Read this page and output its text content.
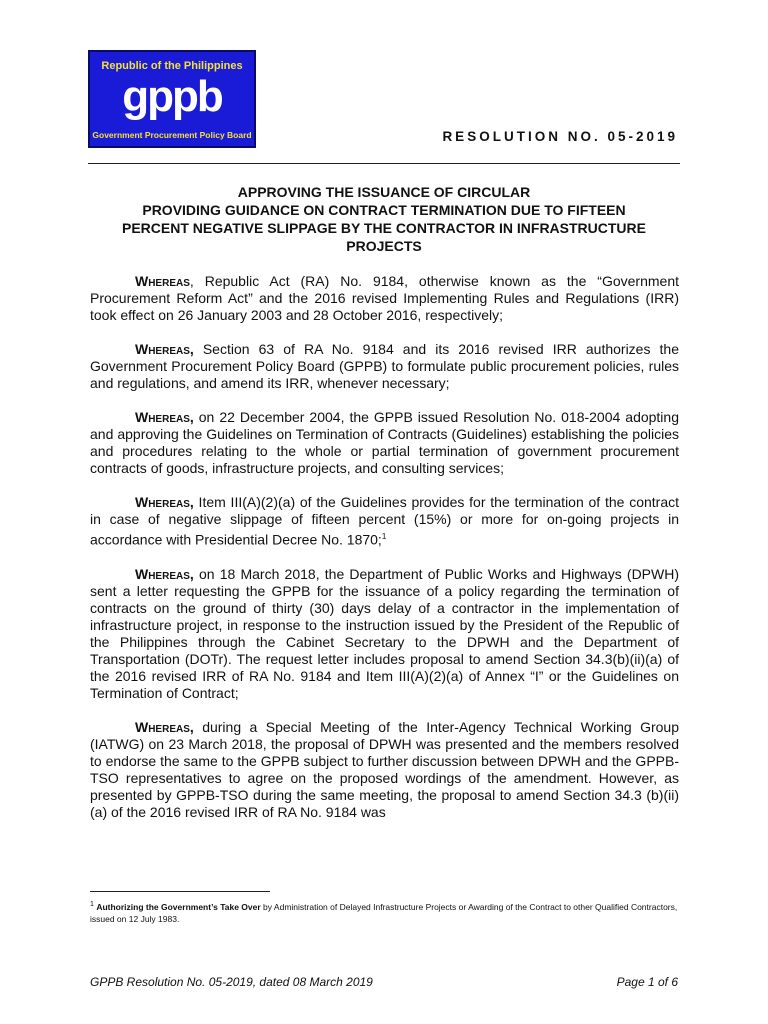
Republic of the Philippines
gppb
Government Procurement Policy Board	RESOLUTION NO. 05-2019
APPROVING THE ISSUANCE OF CIRCULAR
PROVIDING GUIDANCE ON CONTRACT TERMINATION DUE TO FIFTEEN
PERCENT NEGATIVE SLIPPAGE BY THE CONTRACTOR IN INFRASTRUCTURE
PROJECTS

Whereas, Republic Act (RA) No. 9184, otherwise known as the “Government Procurement Reform Act” and the 2016 revised Implementing Rules and Regulations (IRR) took effect on 26 January 2003 and 28 October 2016, respectively;

Whereas, Section 63 of RA No. 9184 and its 2016 revised IRR authorizes the Government Procurement Policy Board (GPPB) to formulate public procurement policies, rules and regulations, and amend its IRR, whenever necessary;

Whereas, on 22 December 2004, the GPPB issued Resolution No. 018-2004 adopting and approving the Guidelines on Termination of Contracts (Guidelines) establishing the policies and procedures relating to the whole or partial termination of government procurement contracts of goods, infrastructure projects, and consulting services;

Whereas, Item III(A)(2)(a) of the Guidelines provides for the termination of the contract in case of negative slippage of fifteen percent (15%) or more for on-going projects in accordance with Presidential Decree No. 1870;$^1$

Whereas, on 18 March 2018, the Department of Public Works and Highways (DPWH) sent a letter requesting the GPPB for the issuance of a policy regarding the termination of contracts on the ground of thirty (30) days delay of a contractor in the implementation of infrastructure project, in response to the instruction issued by the President of the Republic of the Philippines through the Cabinet Secretary to the DPWH and the Department of Transportation (DOTr). The request letter includes proposal to amend Section 34.3(b)(ii)(a) of the 2016 revised IRR of RA No. 9184 and Item III(A)(2)(a) of Annex “I” or the Guidelines on Termination of Contract;

Whereas, during a Special Meeting of the Inter-Agency Technical Working Group (IATWG) on 23 March 2018, the proposal of DPWH was presented and the members resolved to endorse the same to the GPPB subject to further discussion between DPWH and the GPPB-TSO representatives to agree on the proposed wordings of the amendment. However, as presented by GPPB-TSO during the same meeting, the proposal to amend Section 34.3 (b)(ii)(a) of the 2016 revised IRR of RA No. 9184 was

$^1$ Authorizing the Government’s Take Over by Administration of Delayed Infrastructure Projects or Awarding of the Contract to other Qualified Contractors, issued on 12 July 1983.
GPPB Resolution No. 05-2019, dated 08 March 2019	Page 1 of 6
